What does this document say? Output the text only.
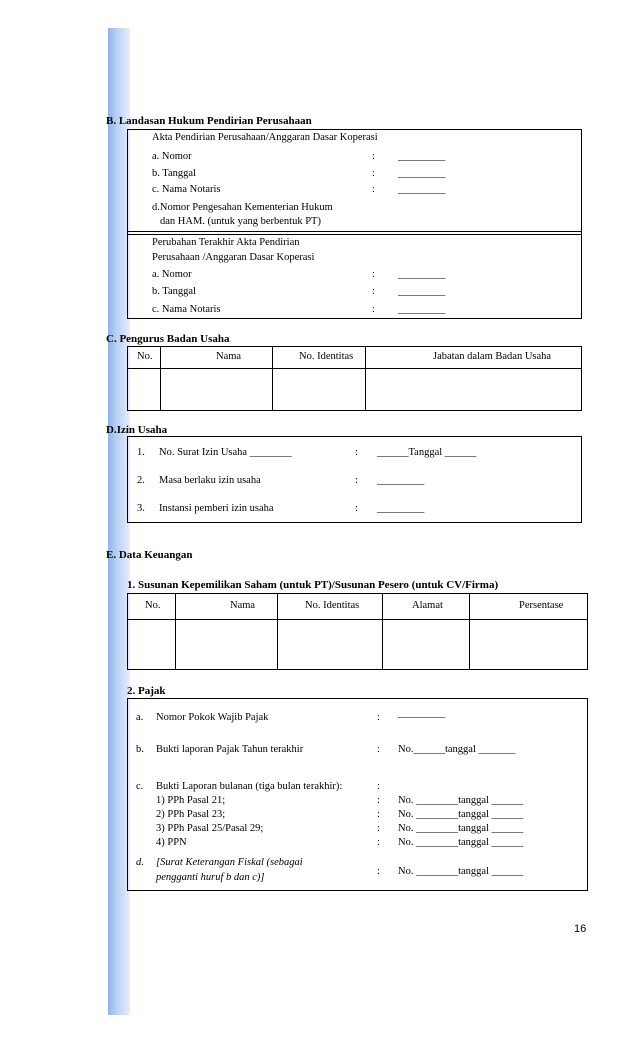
B. Landasan Hukum Pendirian Perusahaan
Akta Pendirian Perusahaan/Anggaran Dasar Koperasi
a. Nomor	: _________
b. Tanggal	: _________
c. Nama Notaris	: _________
d.Nomor Pengesahan Kementerian Hukum
dan HAM. (untuk yang berbentuk PT)
Perubahan Terakhir Akta Pendirian
Perusahaan /Anggaran Dasar Koperasi
a. Nomor	: _________
b. Tanggal	: _________
c. Nama Notaris	: _________
C. Pengurus Badan Usaha
No.	Nama	No. Identitas	Jabatan dalam Badan Usaha
D.Izin Usaha
1. No. Surat Izin Usaha ________	: ______Tanggal ______
2. Masa berlaku izin usaha	: _________
3. Instansi pemberi izin usaha	: _________
E. Data Keuangan
1. Susunan Kepemilikan Saham (untuk PT)/Susunan Pesero (untuk CV/Firma)
No.	Nama	No. Identitas	Alamat	Persentase
2. Pajak
a. Nomor Pokok Wajib Pajak	: _________
b. Bukti laporan Pajak Tahun terakhir	: No.______tanggal _______
c. Bukti Laporan bulanan (tiga bulan terakhir):	:
1) PPh Pasal 21;	: No. ________tanggal ______
2) PPh Pasal 23;	: No. ________tanggal ______
3) PPh Pasal 25/Pasal 29;	: No. ________tanggal ______
4) PPN	: No. ________tanggal ______
d. [Surat Keterangan Fiskal (sebagai
pengganti huruf b dan c)]
: No. ________tanggal ______
16
